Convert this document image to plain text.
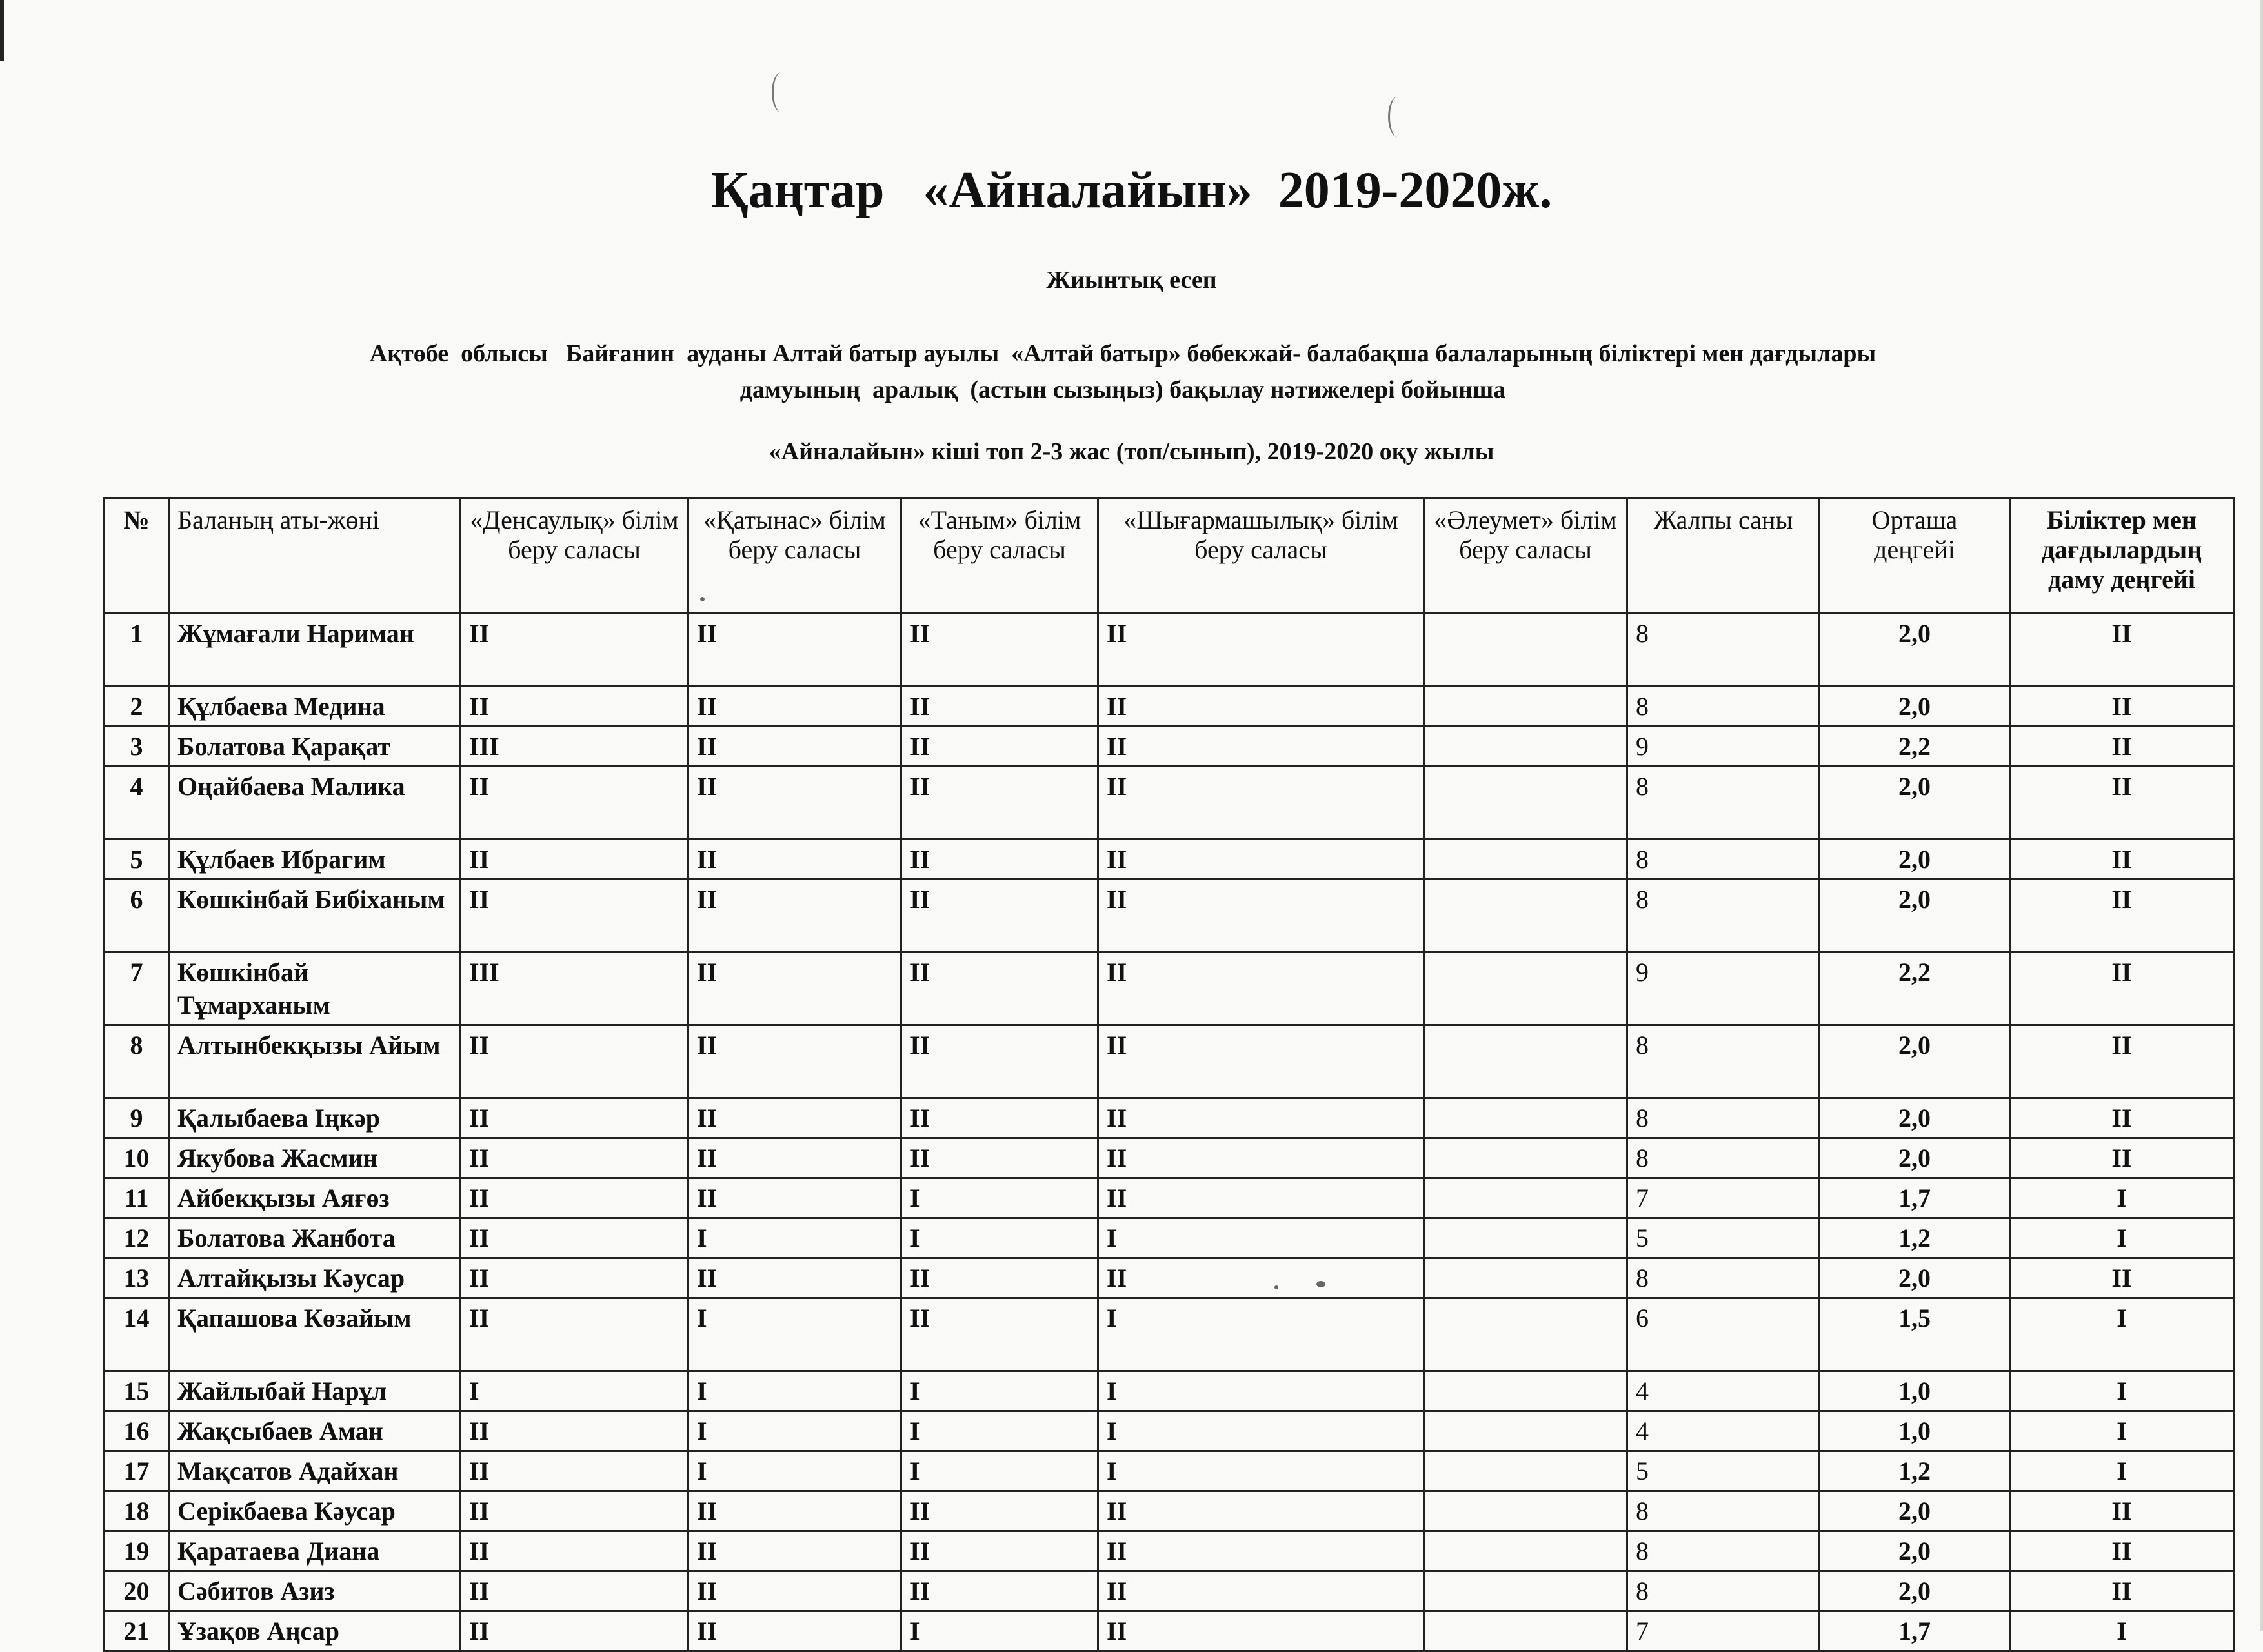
Қаңтар   «Айналайын»  2019-2020ж.
Жиынтық есеп
Ақтөбе  облысы   Байғанин  ауданы Алтай батыр ауылы  «Алтай батыр» бөбекжай- балабақша балаларының біліктері мен дағдылары
дамуының  аралық  (астын сызыңыз) бақылау нәтижелері бойынша
«Айналайын» кіші топ 2-3 жас (топ/сынып), 2019-2020 оқу жылы
№	Баланың аты-жөні	«Денсаулық» білім беру саласы	«Қатынас» білім беру саласы	«Таным» білім беру саласы	«Шығармашылық» білім беру саласы	«Әлеумет» білім беру саласы	Жалпы саны	Орташа деңгейі	Біліктер мен дағдылардың даму деңгейі
1	Жұмағали Нариман	II	II	II	II		8	2,0	II
2	Құлбаева Медина	II	II	II	II		8	2,0	II
3	Болатова Қарақат	III	II	II	II		9	2,2	II
4	Оңайбаева Малика	II	II	II	II		8	2,0	II
5	Құлбаев Ибрагим	II	II	II	II		8	2,0	II
6	Көшкінбай Бибіханым	II	II	II	II		8	2,0	II
7	Көшкінбай Тұмарханым	III	II	II	II		9	2,2	II
8	Алтынбекқызы Айым	II	II	II	II		8	2,0	II
9	Қалыбаева Іңкәр	II	II	II	II		8	2,0	II
10	Якубова Жасмин	II	II	II	II		8	2,0	II
11	Айбекқызы Аяғөз	II	II	I	II		7	1,7	I
12	Болатова Жанбота	II	I	I	I		5	1,2	I
13	Алтайқызы Кәусар	II	II	II	II		8	2,0	II
14	Қапашова Көзайым	II	I	II	I		6	1,5	I
15	Жайлыбай Нарұл	I	I	I	I		4	1,0	I
16	Жақсыбаев Аман	II	I	I	I		4	1,0	I
17	Мақсатов Адайхан	II	I	I	I		5	1,2	I
18	Серікбаева Кәусар	II	II	II	II		8	2,0	II
19	Қаратаева Диана	II	II	II	II		8	2,0	II
20	Сәбитов Азиз	II	II	II	II		8	2,0	II
21	Ұзақов Аңсар	II	II	I	II		7	1,7	I
